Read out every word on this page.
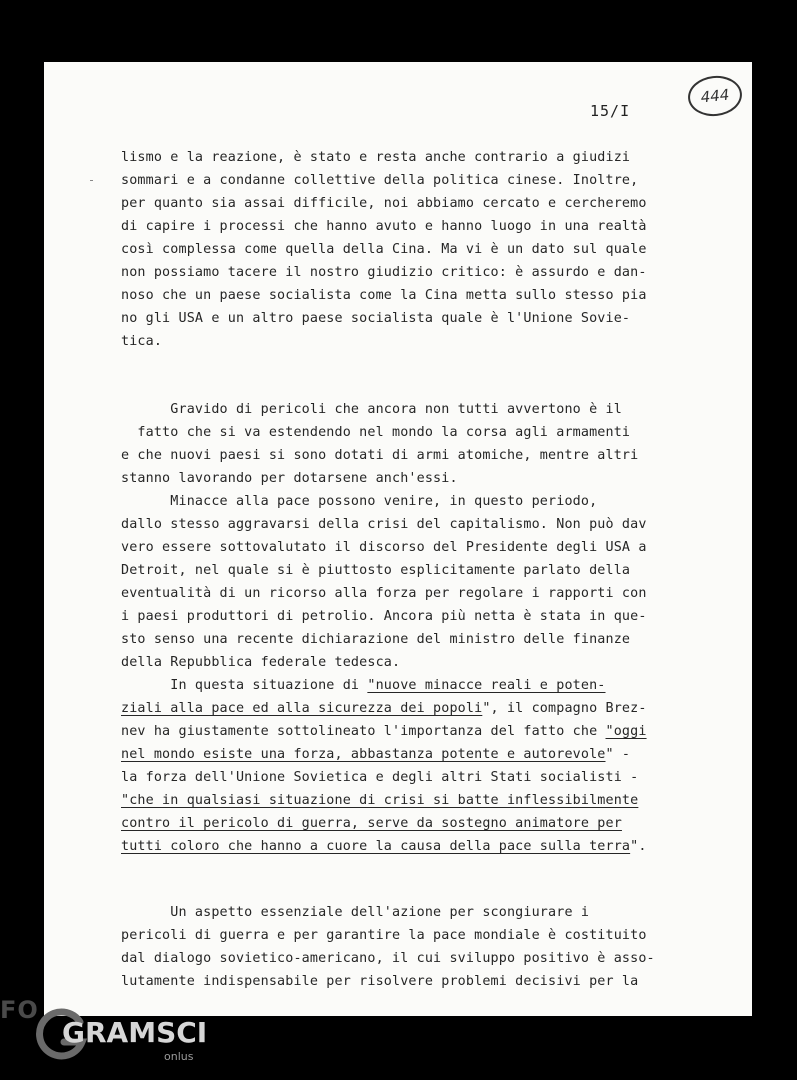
444
15/I
lismo e la reazione, è stato e resta anche contrario a giudizi
sommari e a condanne collettive della politica cinese. Inoltre,
per quanto sia assai difficile, noi abbiamo cercato e cercheremo
di capire i processi che hanno avuto e hanno luogo in una realtà
così complessa come quella della Cina. Ma vi è un dato sul quale
non possiamo tacere il nostro giudizio critico: è assurdo e dan-
noso che un paese socialista come la Cina metta sullo stesso pia
no gli USA e un altro paese socialista quale è l'Unione Sovie-
tica.
Gravido di pericoli che ancora non tutti avvertono è il
fatto che si va estendendo nel mondo la corsa agli armamenti
e che nuovi paesi si sono dotati di armi atomiche, mentre altri
stanno lavorando per dotarsene anch'essi.
Minacce alla pace possono venire, in questo periodo,
dallo stesso aggravarsi della crisi del capitalismo. Non può dav
vero essere sottovalutato il discorso del Presidente degli USA a
Detroit, nel quale si è piuttosto esplicitamente parlato della
eventualità di un ricorso alla forza per regolare i rapporti con
i paesi produttori di petrolio. Ancora più netta è stata in que-
sto senso una recente dichiarazione del ministro delle finanze
della Repubblica federale tedesca.
In questa situazione di "nuove minacce reali e poten-
ziali alla pace ed alla sicurezza dei popoli", il compagno Brez-
nev ha giustamente sottolineato l'importanza del fatto che "oggi
nel mondo esiste una forza, abbastanza potente e autorevole" -
la forza dell'Unione Sovietica e degli altri Stati socialisti -
"che in qualsiasi situazione di crisi si batte inflessibilmente
contro il pericolo di guerra, serve da sostegno animatore per
tutti coloro che hanno a cuore la causa della pace sulla terra".
Un aspetto essenziale dell'azione per scongiurare i
pericoli di guerra e per garantire la pace mondiale è costituito
dal dialogo sovietico-americano, il cui sviluppo positivo è asso-
lutamente indispensabile per risolvere problemi decisivi per la
FO
GRAMSCI
onlus
